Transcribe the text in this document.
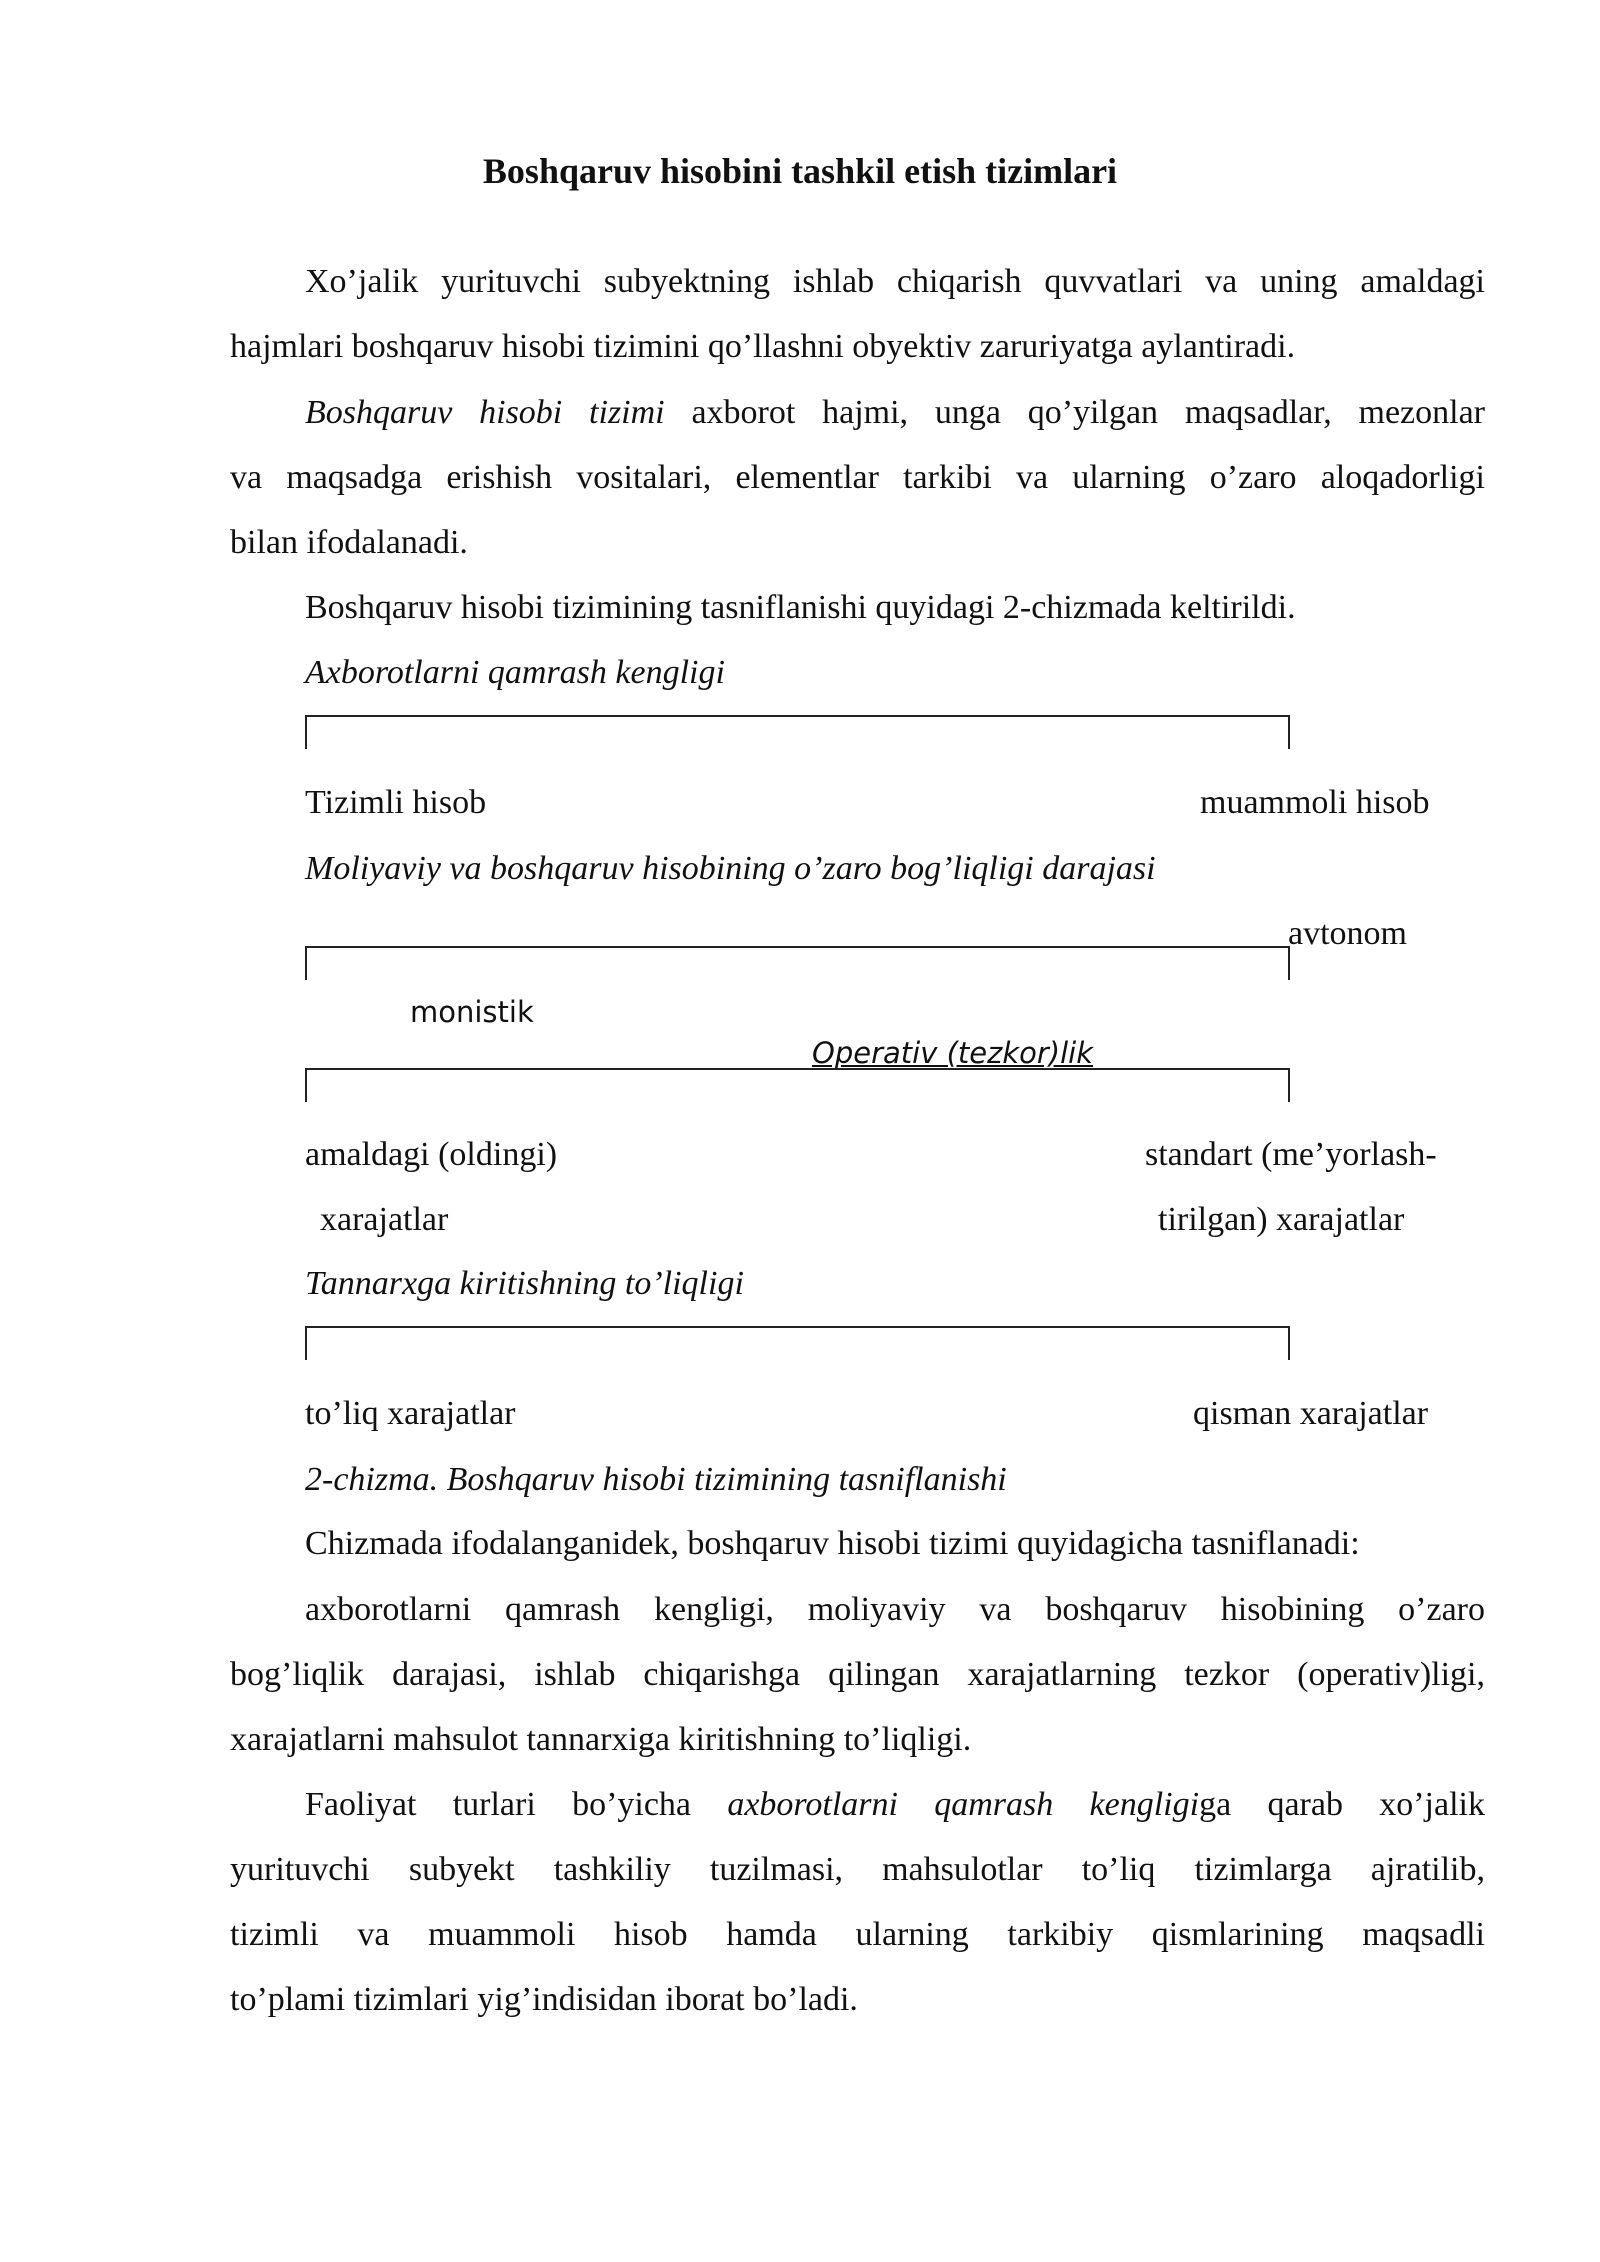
Boshqaruv hisobini tashkil etish tizimlari
Xo’jalik yurituvchi subyektning ishlab chiqarish quvvatlari va uning amaldagi
hajmlari boshqaruv hisobi tizimini qo’llashni obyektiv zaruriyatga aylantiradi.
Boshqaruv hisobi tizimi axborot hajmi, unga qo’yilgan maqsadlar, mezonlar
va maqsadga erishish vositalari, elementlar tarkibi va ularning o’zaro aloqadorligi
bilan ifodalanadi.
Boshqaruv hisobi tizimining tasniflanishi quyidagi 2-chizmada keltirildi.
Axborotlarni qamrash kengligi
Tizimli hisob	muammoli hisob
Moliyaviy va boshqaruv hisobining o’zaro bog’liqligi darajasi
avtonom
monistik
Operativ (tezkor)lik
amaldagi (oldingi)
xarajatlar
standart (me’yorlash-
tirilgan) xarajatlar
Tannarxga kiritishning to’liqligi
to’liq xarajatlar	qisman xarajatlar
2-chizma. Boshqaruv hisobi tizimining tasniflanishi
Chizmada ifodalanganidek, boshqaruv hisobi tizimi quyidagicha tasniflanadi:
axborotlarni qamrash kengligi, moliyaviy va boshqaruv hisobining o’zaro
bog’liqlik darajasi, ishlab chiqarishga qilingan xarajatlarning tezkor (operativ)ligi,
xarajatlarni mahsulot tannarxiga kiritishning to’liqligi.
Faoliyat turlari bo’yicha axborotlarni qamrash kengligiga qarab xo’jalik
yurituvchi subyekt tashkiliy tuzilmasi, mahsulotlar to’liq tizimlarga ajratilib,
tizimli va muammoli hisob hamda ularning tarkibiy qismlarining maqsadli
to’plami tizimlari yig’indisidan iborat bo’ladi.
